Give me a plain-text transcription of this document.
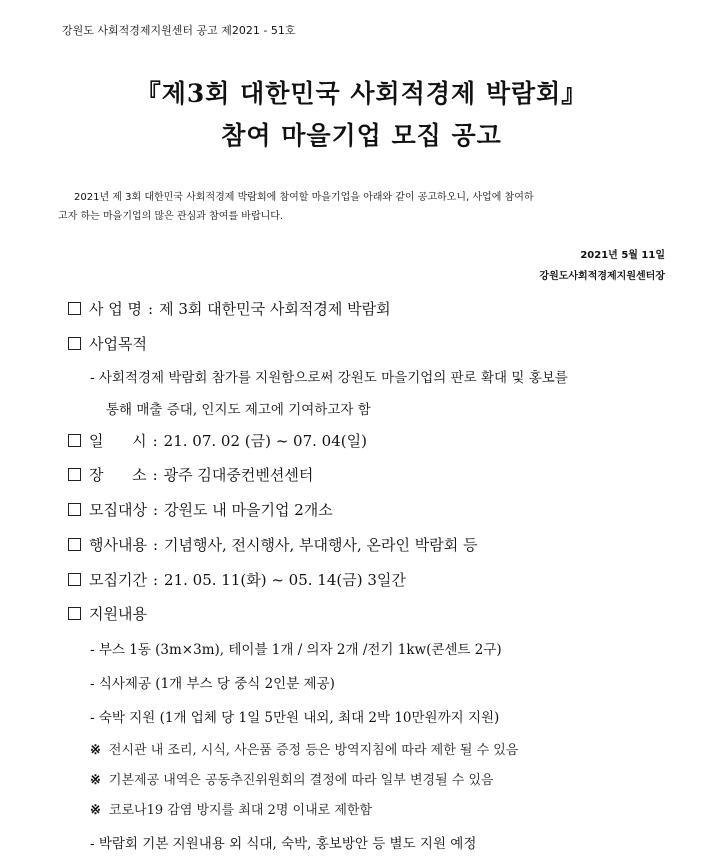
강원도 사회적경제지원센터 공고 제2021 - 51호
『제3회 대한민국 사회적경제 박람회』
참여 마을기업 모집 공고
2021년 제 3회 대한민국 사회적경제 박람회에 참여할 마을기업을 아래와 같이 공고하오니, 사업에 참여하
고자 하는 마을기업의 많은 관심과 참여를 바랍니다.
2021년 5월 11일
강원도사회적경제지원센터장
사 업 명 : 제 3회 대한민국 사회적경제 박람회
사업목적
- 사회적경제 박람회 참가를 지원함으로써 강원도 마을기업의 판로 확대 및 홍보를
통해 매출 증대, 인지도 제고에 기여하고자 함
일      시 : 21. 07. 02 (금) ~ 07. 04(일)
장      소 : 광주 김대중컨벤션센터
모집대상 : 강원도 내 마을기업 2개소
행사내용 : 기념행사, 전시행사, 부대행사, 온라인 박람회 등
모집기간 : 21. 05. 11(화) ~ 05. 14(금) 3일간
지원내용
- 부스 1동 (3m×3m), 테이블 1개 / 의자 2개 /전기 1kw(콘센트 2구)
- 식사제공 (1개 부스 당 중식 2인분 제공)
- 숙박 지원 (1개 업체 당 1일 5만원 내외, 최대 2박 10만원까지 지원)
※ 전시관 내 조리, 시식, 사은품 증정 등은 방역지침에 따라 제한 될 수 있음
※ 기본제공 내역은 공동추진위원회의 결정에 따라 일부 변경될 수 있음
※ 코로나19 감염 방지를 최대 2명 이내로 제한함
- 박람회 기본 지원내용 외 식대, 숙박, 홍보방안 등 별도 지원 예정
